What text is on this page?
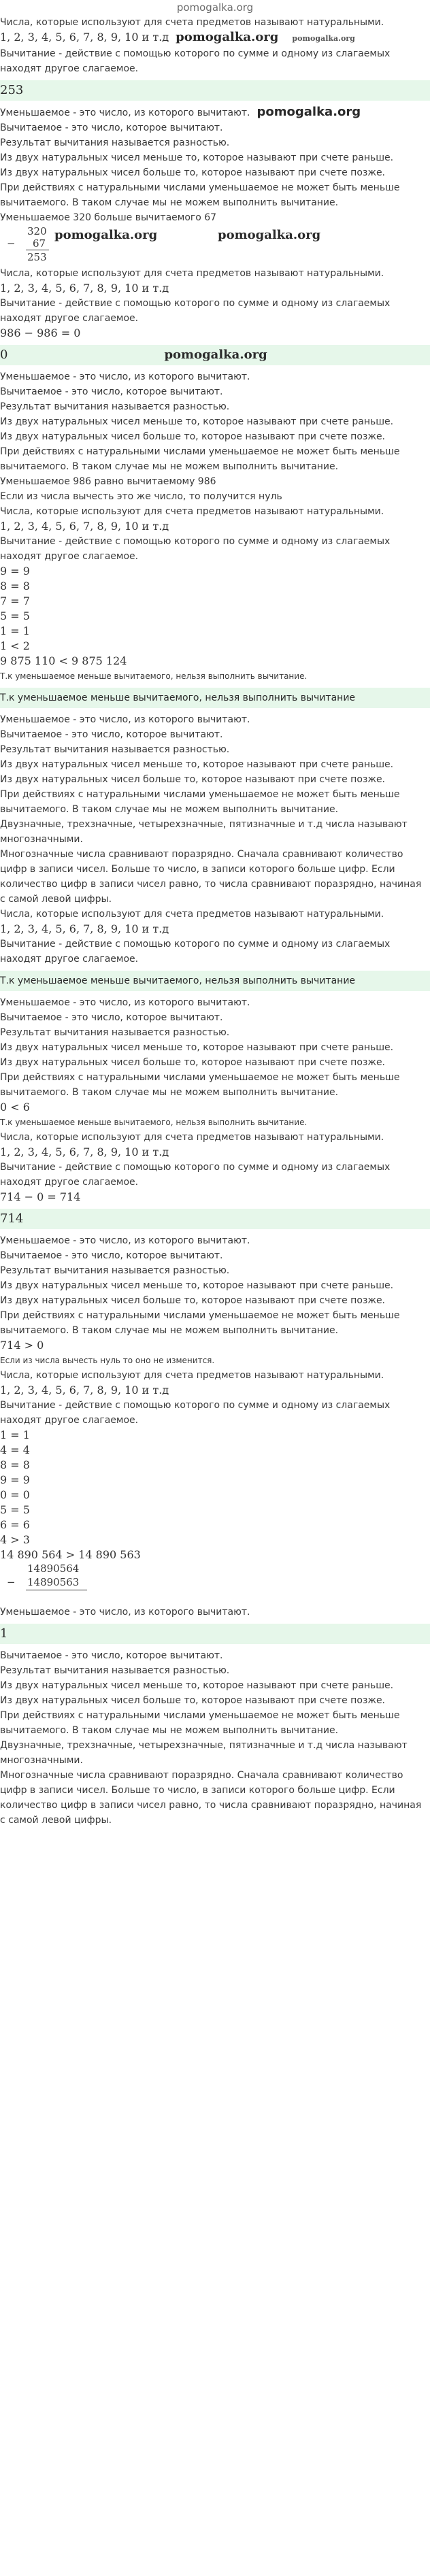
pomogalka.org
Числа, которые используют для счета предметов называют натуральными.
1, 2, 3, 4, 5, 6, 7, 8, 9, 10 и т.д pomogalka.org pomogalka.org
Вычитание - действие с помощью которого по сумме и одному из слагаемых находят другое слагаемое.
253
Уменьшаемое - это число, из которого вычитают. pomogalka.org
Вычитаемое - это число, которое вычитают.
Результат вычитания называется разностью.
Из двух натуральных чисел меньше то, которое называют при счете раньше.
Из двух натуральных чисел больше то, которое называют при счете позже.
При действиях с натуральными числами уменьшаемое не может быть меньше вычитаемого. В таком случае мы не можем выполнить вычитание.
Уменьшаемое 320 больше вычитаемого 67
−
320
67
253
pomogalka.org	pomogalka.org
Числа, которые используют для счета предметов называют натуральными.
1, 2, 3, 4, 5, 6, 7, 8, 9, 10 и т.д
Вычитание - действие с помощью которого по сумме и одному из слагаемых находят другое слагаемое.
986 − 986 = 0
0	pomogalka.org
Уменьшаемое - это число, из которого вычитают.
Вычитаемое - это число, которое вычитают.
Результат вычитания называется разностью.
Из двух натуральных чисел меньше то, которое называют при счете раньше.
Из двух натуральных чисел больше то, которое называют при счете позже.
При действиях с натуральными числами уменьшаемое не может быть меньше вычитаемого. В таком случае мы не можем выполнить вычитание.
Уменьшаемое 986 равно вычитаемому 986
Если из числа вычесть это же число, то получится нуль
Числа, которые используют для счета предметов называют натуральными.
1, 2, 3, 4, 5, 6, 7, 8, 9, 10 и т.д
Вычитание - действие с помощью которого по сумме и одному из слагаемых находят другое слагаемое.
9 = 9
8 = 8
7 = 7
5 = 5
1 = 1
1 < 2
9 875 110 < 9 875 124
Т.к уменьшаемое меньше вычитаемого, нельзя выполнить вычитание.
Т.к уменьшаемое меньше вычитаемого, нельзя выполнить вычитание
Уменьшаемое - это число, из которого вычитают.
Вычитаемое - это число, которое вычитают.
Результат вычитания называется разностью.
Из двух натуральных чисел меньше то, которое называют при счете раньше.
Из двух натуральных чисел больше то, которое называют при счете позже.
При действиях с натуральными числами уменьшаемое не может быть меньше вычитаемого. В таком случае мы не можем выполнить вычитание.
Двузначные, трехзначные, четырехзначные, пятизначные и т.д числа называют многозначными.
Многозначные числа сравнивают поразрядно. Сначала сравнивают количество цифр в записи чисел. Больше то число, в записи которого больше цифр. Если количество цифр в записи чисел равно, то числа сравнивают поразрядно, начиная с самой левой цифры.
Числа, которые используют для счета предметов называют натуральными.
1, 2, 3, 4, 5, 6, 7, 8, 9, 10 и т.д
Вычитание - действие с помощью которого по сумме и одному из слагаемых находят другое слагаемое.
Т.к уменьшаемое меньше вычитаемого, нельзя выполнить вычитание
Уменьшаемое - это число, из которого вычитают.
Вычитаемое - это число, которое вычитают.
Результат вычитания называется разностью.
Из двух натуральных чисел меньше то, которое называют при счете раньше.
Из двух натуральных чисел больше то, которое называют при счете позже.
При действиях с натуральными числами уменьшаемое не может быть меньше вычитаемого. В таком случае мы не можем выполнить вычитание.
0 < 6
Т.к уменьшаемое меньше вычитаемого, нельзя выполнить вычитание.
Числа, которые используют для счета предметов называют натуральными.
1, 2, 3, 4, 5, 6, 7, 8, 9, 10 и т.д
Вычитание - действие с помощью которого по сумме и одному из слагаемых находят другое слагаемое.
714 − 0 = 714
714
Уменьшаемое - это число, из которого вычитают.
Вычитаемое - это число, которое вычитают.
Результат вычитания называется разностью.
Из двух натуральных чисел меньше то, которое называют при счете раньше.
Из двух натуральных чисел больше то, которое называют при счете позже.
При действиях с натуральными числами уменьшаемое не может быть меньше вычитаемого. В таком случае мы не можем выполнить вычитание.
714 > 0
Если из числа вычесть нуль то оно не изменится.
Числа, которые используют для счета предметов называют натуральными.
1, 2, 3, 4, 5, 6, 7, 8, 9, 10 и т.д
Вычитание - действие с помощью которого по сумме и одному из слагаемых находят другое слагаемое.
1 = 1
4 = 4
8 = 8
9 = 9
0 = 0
5 = 5
6 = 6
4 > 3
14 890 564 > 14 890 563
−
14890564
14890563
Уменьшаемое - это число, из которого вычитают.
1
Вычитаемое - это число, которое вычитают.
Результат вычитания называется разностью.
Из двух натуральных чисел меньше то, которое называют при счете раньше.
Из двух натуральных чисел больше то, которое называют при счете позже.
При действиях с натуральными числами уменьшаемое не может быть меньше вычитаемого. В таком случае мы не можем выполнить вычитание.
Двузначные, трехзначные, четырехзначные, пятизначные и т.д числа называют многозначными.
Многозначные числа сравнивают поразрядно. Сначала сравнивают количество цифр в записи чисел. Больше то число, в записи которого больше цифр. Если количество цифр в записи чисел равно, то числа сравнивают поразрядно, начиная с самой левой цифры.
